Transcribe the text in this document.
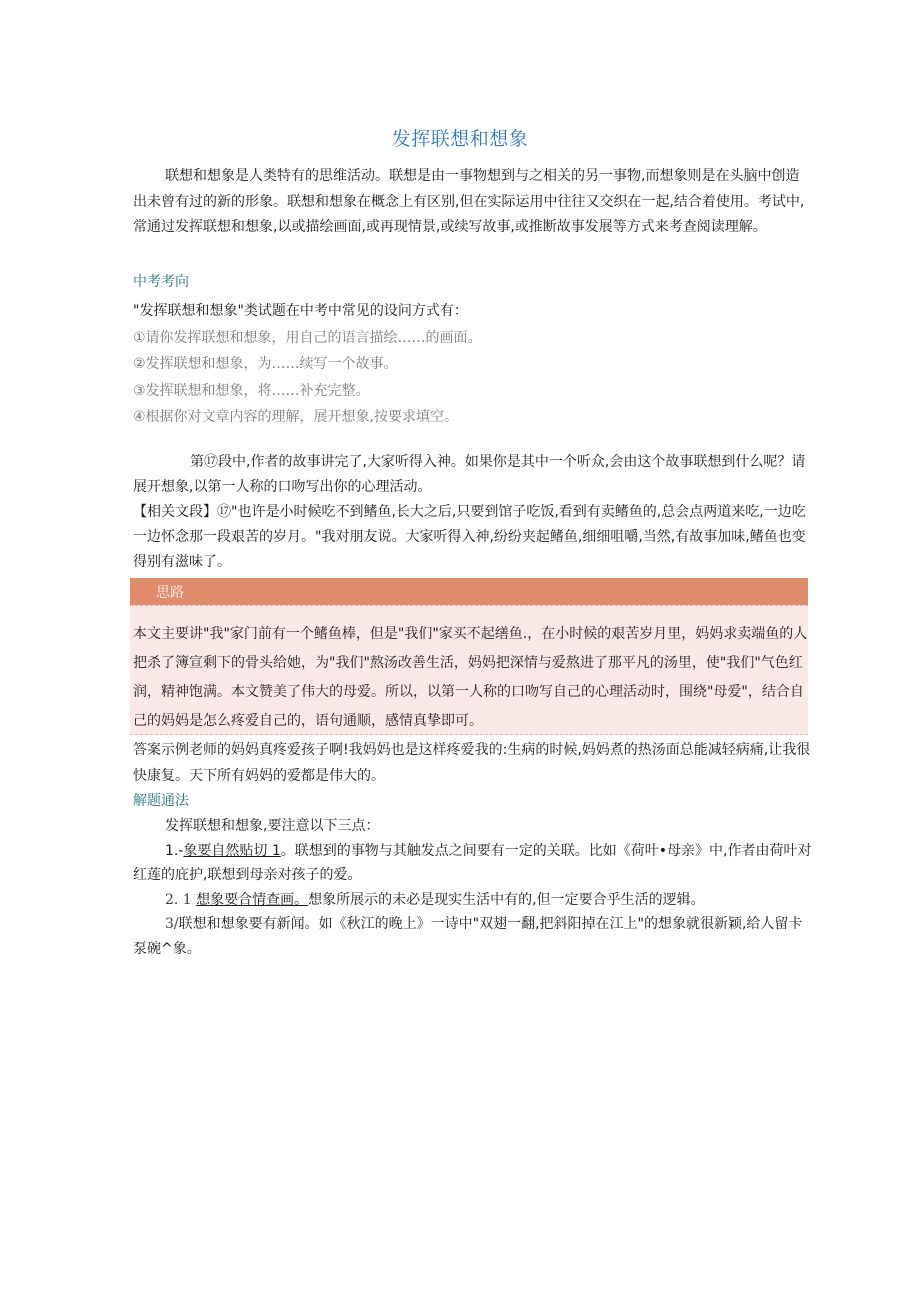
发挥联想和想象

联想和想象是人类特有的思维活动。联想是由一事物想到与之相关的另一事物,而想象则是在头脑中创造出未曾有过的新的形象。联想和想象在概念上有区别,但在实际运用中往往又交织在一起,结合着使用。考试中,常通过发挥联想和想象,以或描绘画面,或再现情景,或续写故事,或推断故事发展等方式来考查阅读理解。

中考考向
"发挥联想和想象"类试题在中考中常见的设问方式有：
①请你发挥联想和想象，用自己的语言描绘……的画面。
②发挥联想和想象，为……续写一个故事。
③发挥联想和想象，将……补充完整。
④根据你对文章内容的理解，展开想象,按要求填空。

第⑰段中,作者的故事讲完了,大家听得入神。如果你是其中一个听众,会由这个故事联想到什么呢？请展开想象,以第一人称的口吻写出你的心理活动。

【相关文段】⑰"也许是小时候吃不到鳍鱼,长大之后,只要到馆子吃饭,看到有卖鳍鱼的,总会点两道来吃,一边吃一边怀念那一段艰苦的岁月。"我对朋友说。大家听得入神,纷纷夹起鳍鱼,细细咀嚼,当然,有故事加味,鳍鱼也变得别有滋味了。

思路
本文主要讲"我"家门前有一个鳍鱼棒，但是"我们"家买不起缮鱼.，在小时候的艰苦岁月里，妈妈求卖端鱼的人把杀了簿宣剩下的骨头给她，为"我们"熬汤改善生活，妈妈把深情与爱熬进了那平凡的汤里，使"我们"气色红润，精神饱满。本文赞美了伟大的母爱。所以，以第一人称的口吻写自己的心理活动时，围绕"母爱"，结合自己的妈妈是怎么疼爱自己的，语句通顺，感情真挚即可。
答案示例老师的妈妈真疼爱孩子啊!我妈妈也是这样疼爱我的:生病的时候,妈妈煮的热汤面总能减轻病痛,让我很快康复。天下所有妈妈的爱都是伟大的。
解题通法

发挥联想和想象,要注意以下三点：

1.-象要自然贴切 1。联想到的事物与其触发点之间要有一定的关联。比如《荷叶•母亲》中,作者由荷叶对红莲的庇护,联想到母亲对孩子的爱。

2. 1 想象要合情查画。想象所展示的未必是现实生活中有的,但一定要合乎生活的逻辑。

3/联想和想象要有新闻。如《秋江的晚上》一诗中"双翅一翻,把斜阳掉在江上"的想象就很新颖,给人留卡泵碗^象。
